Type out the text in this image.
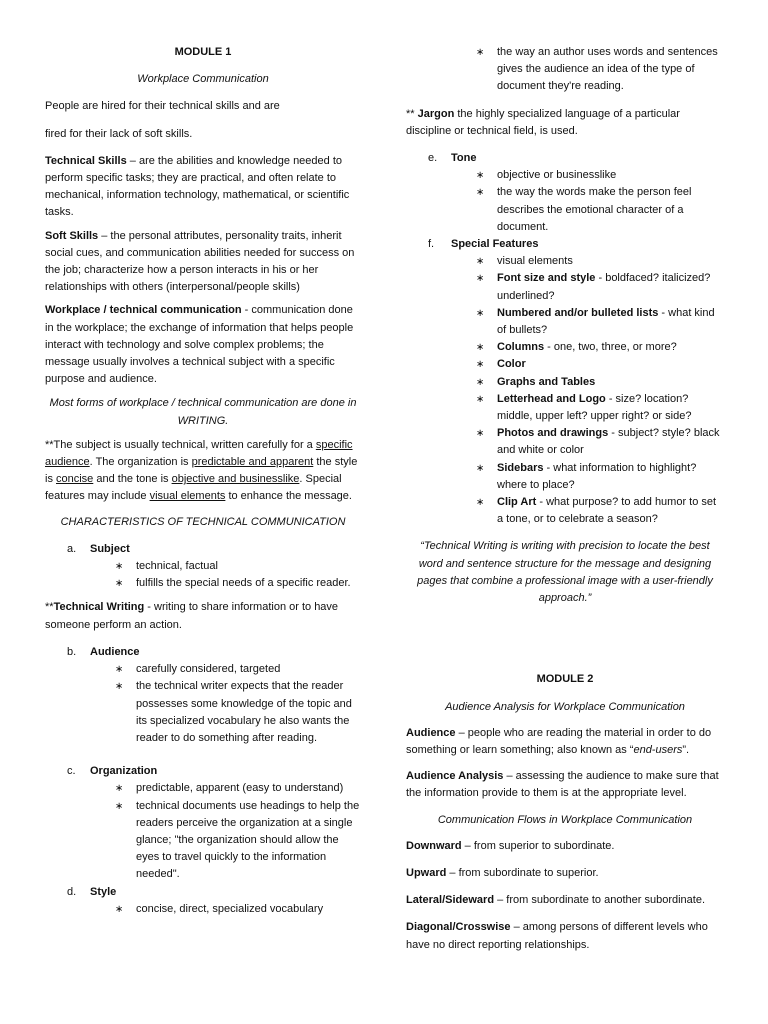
MODULE 1

Workplace Communication

People are hired for their technical skills and are

fired for their lack of soft skills.

Technical Skills – are the abilities and knowledge needed to perform specific tasks; they are practical, and often relate to mechanical, information technology, mathematical, or scientific tasks.

Soft Skills – the personal attributes, personality traits, inherit social cues, and communication abilities needed for success on the job; characterize how a person interacts in his or her relationships with others (interpersonal/people skills)

Workplace / technical communication - communication done in the workplace; the exchange of information that helps people interact with technology and solve complex problems; the message usually involves a technical subject with a specific purpose and audience.

Most forms of workplace / technical communication are done in WRITING.

**The subject is usually technical, written carefully for a specific audience. The organization is predictable and apparent the style is concise and the tone is objective and businesslike. Special features may include visual elements to enhance the message.

CHARACTERISTICS OF TECHNICAL COMMUNICATION

a. Subject

∗ technical, factual
∗ fulfills the special needs of a specific reader.

**Technical Writing - writing to share information or to have someone perform an action.

b. Audience

∗ carefully considered, targeted
∗ the technical writer expects that the reader possesses some knowledge of the topic and its specialized vocabulary he also wants the reader to do something after reading.

c. Organization

∗ predictable, apparent (easy to understand)
∗ technical documents use headings to help the readers perceive the organization at a single glance; "the organization should allow the eyes to travel quickly to the information needed".

d. Style

∗ concise, direct, specialized vocabulary
∗ the way an author uses words and sentences gives the audience an idea of the type of document they're reading.

** Jargon the highly specialized language of a particular discipline or technical field, is used.

e. Tone

∗ objective or businesslike
∗ the way the words make the person feel describes the emotional character of a document.

f. Special Features

∗ visual elements
∗ Font size and style - boldfaced? italicized? underlined?
∗ Numbered and/or bulleted lists - what kind of bullets?
∗ Columns - one, two, three, or more?
∗ Color
∗ Graphs and Tables
∗ Letterhead and Logo - size? location? middle, upper left? upper right? or side?
∗ Photos and drawings - subject? style? black and white or color
∗ Sidebars - what information to highlight? where to place?
∗ Clip Art - what purpose? to add humor to set a tone, or to celebrate a season?

“Technical Writing is writing with precision to locate the best word and sentence structure for the message and designing pages that combine a professional image with a user-friendly approach.”

MODULE 2

Audience Analysis for Workplace Communication

Audience – people who are reading the material in order to do something or learn something; also known as “end-users”.

Audience Analysis – assessing the audience to make sure that the information provide to them is at the appropriate level.

Communication Flows in Workplace Communication

Downward – from superior to subordinate.

Upward – from subordinate to superior.

Lateral/Sideward – from subordinate to another subordinate.

Diagonal/Crosswise – among persons of different levels who have no direct reporting relationships.
